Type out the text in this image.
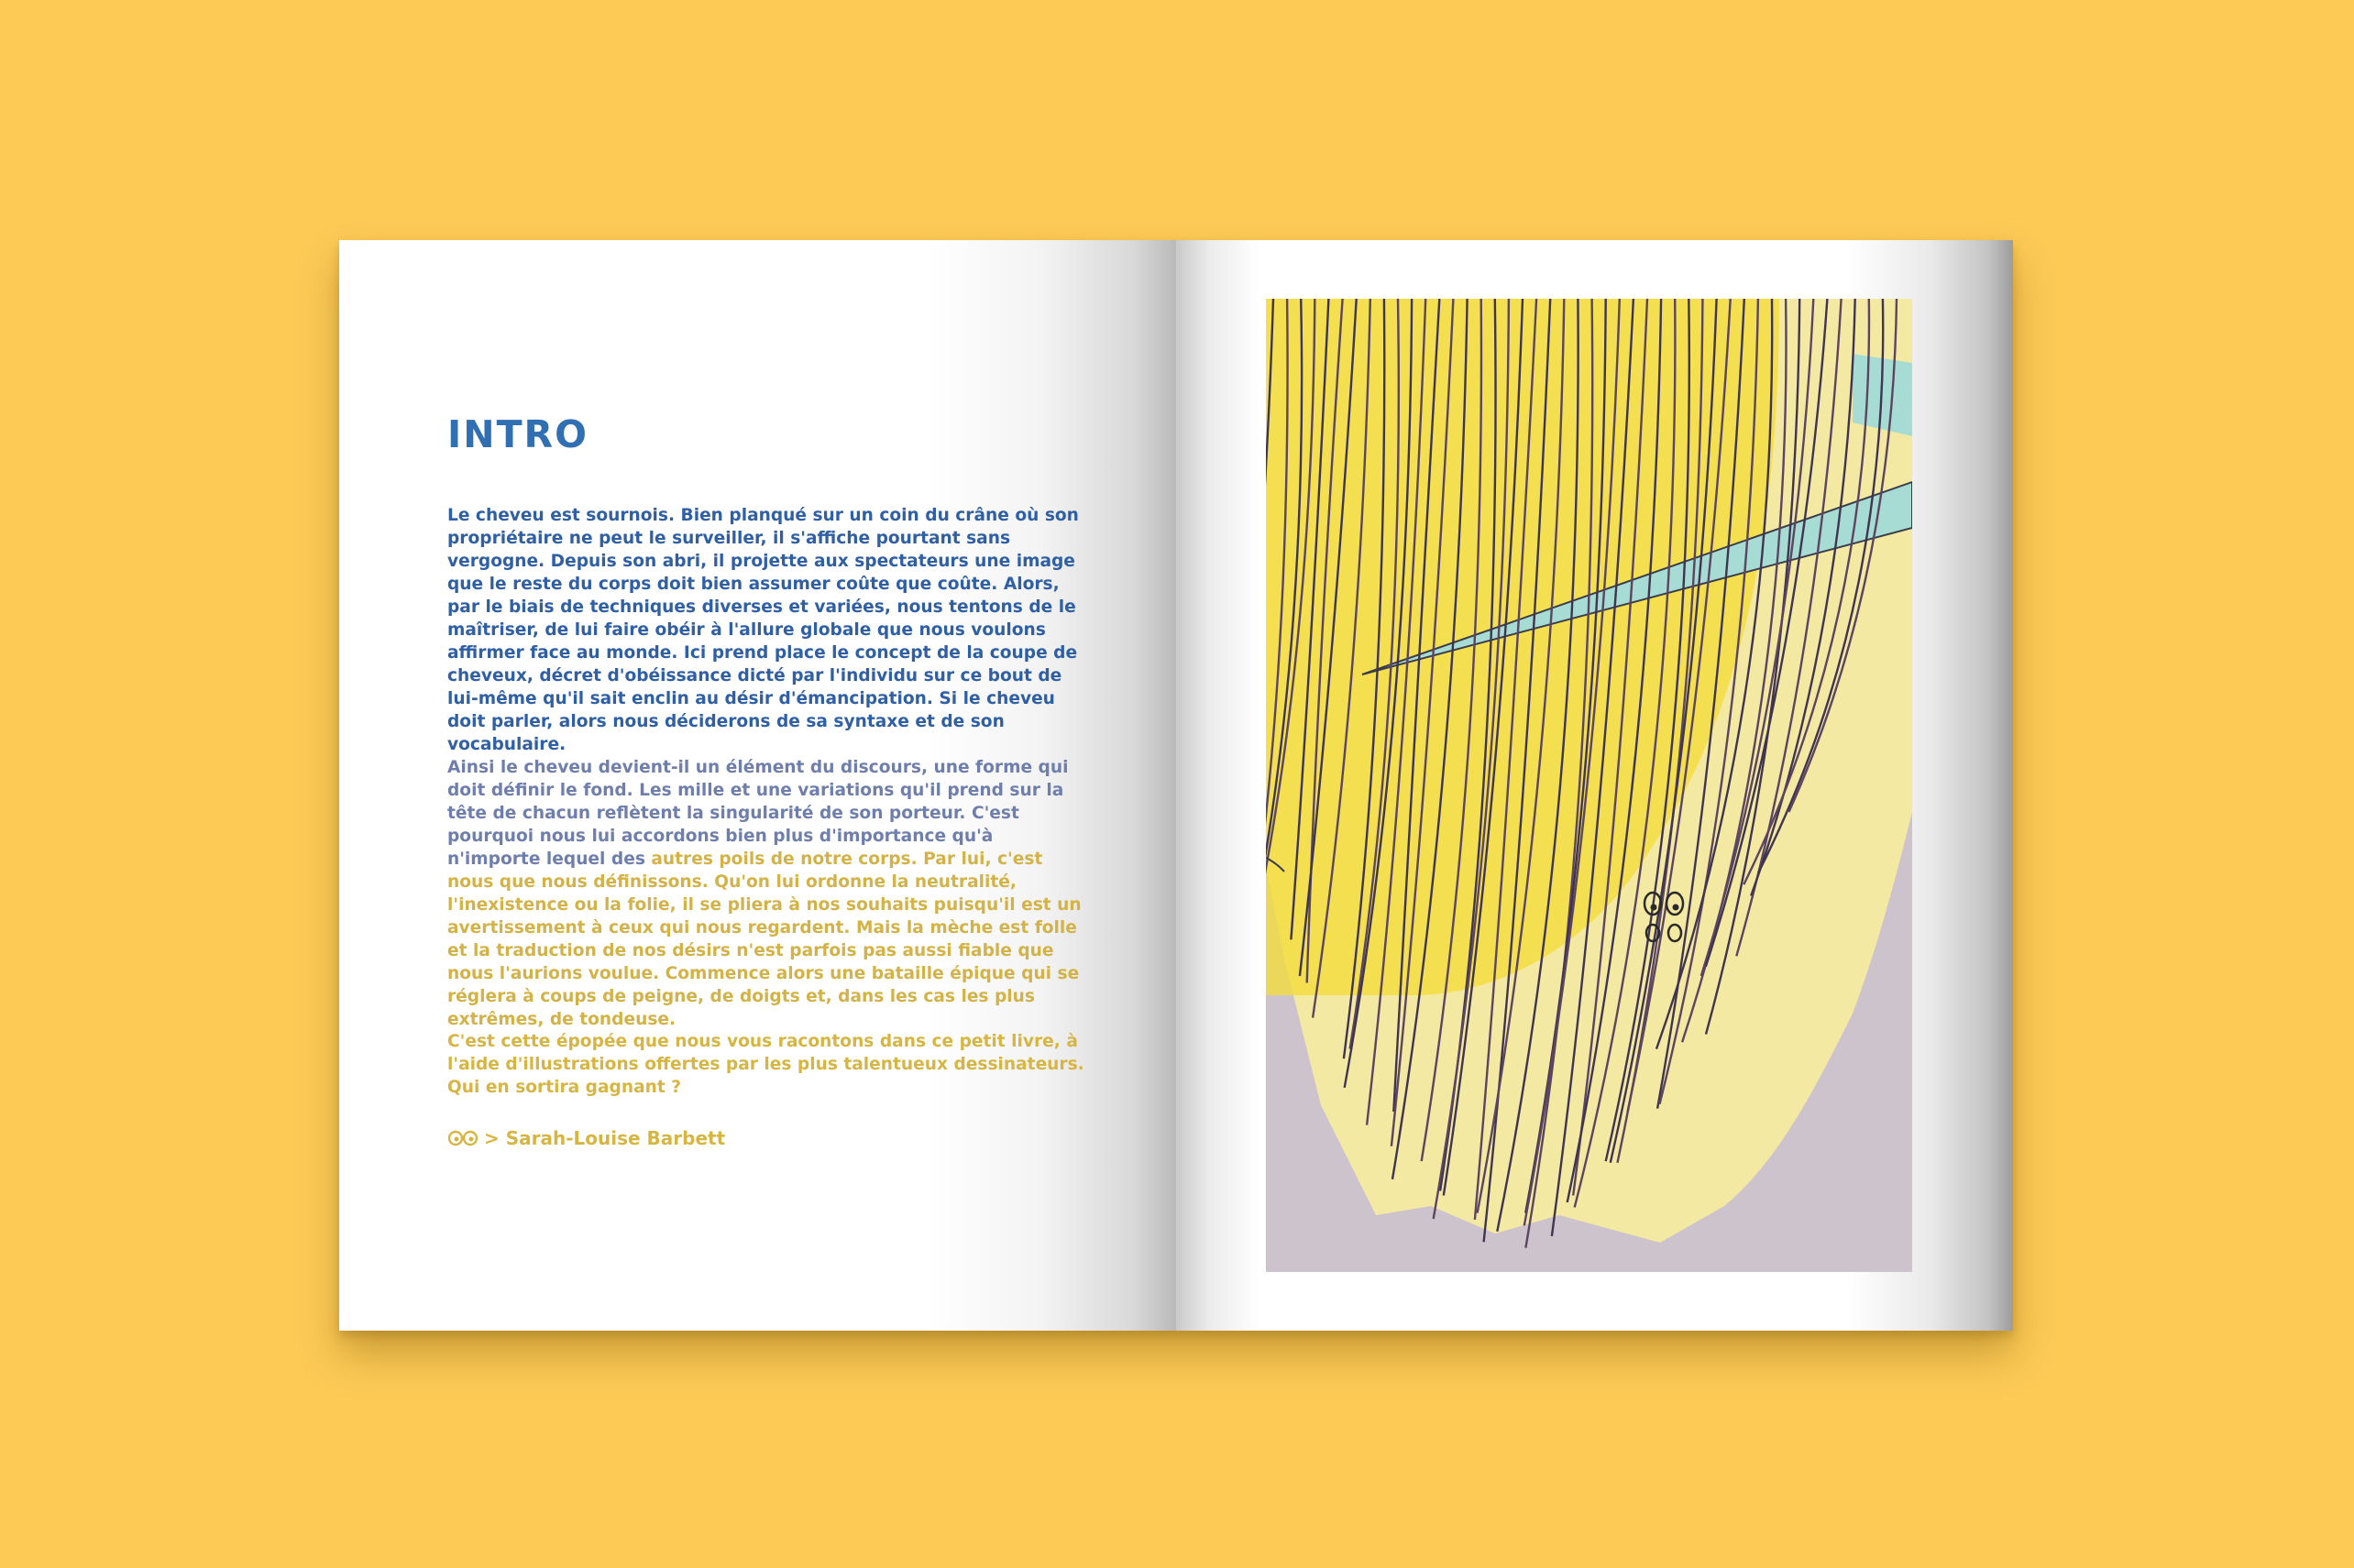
INTRO

Le cheveu est sournois. Bien planqué sur un coin du crâne où son propriétaire ne peut le surveiller, il s'affiche pourtant sans vergogne. Depuis son abri, il projette aux spectateurs une image que le reste du corps doit bien assumer coûte que coûte. Alors, par le biais de techniques diverses et variées, nous tentons de le maîtriser, de lui faire obéir à l'allure globale que nous voulons affirmer face au monde. Ici prend place le concept de la coupe de cheveux, décret d'obéissance dicté par l'individu sur ce bout de lui-même qu'il sait enclin au désir d'émancipation. Si le cheveu doit parler, alors nous déciderons de sa syntaxe et de son vocabulaire.

Ainsi le cheveu devient-il un élément du discours, une forme qui doit définir le fond. Les mille et une variations qu'il prend sur la tête de chacun reflètent la singularité de son porteur. C'est pourquoi nous lui accordons bien plus d'importance qu'à n'importe lequel des autres poils de notre corps. Par lui, c'est nous que nous définissons. Qu'on lui ordonne la neutralité, l'inexistence ou la folie, il se pliera à nos souhaits puisqu'il est un avertissement à ceux qui nous regardent. Mais la mèche est folle et la traduction de nos désirs n'est parfois pas aussi fiable que nous l'aurions voulue. Commence alors une bataille épique qui se réglera à coups de peigne, de doigts et, dans les cas les plus extrêmes, de tondeuse.

C'est cette épopée que nous vous racontons dans ce petit livre, à l'aide d'illustrations offertes par les plus talentueux dessinateurs. Qui en sortira gagnant ?

> Sarah-Louise Barbett
